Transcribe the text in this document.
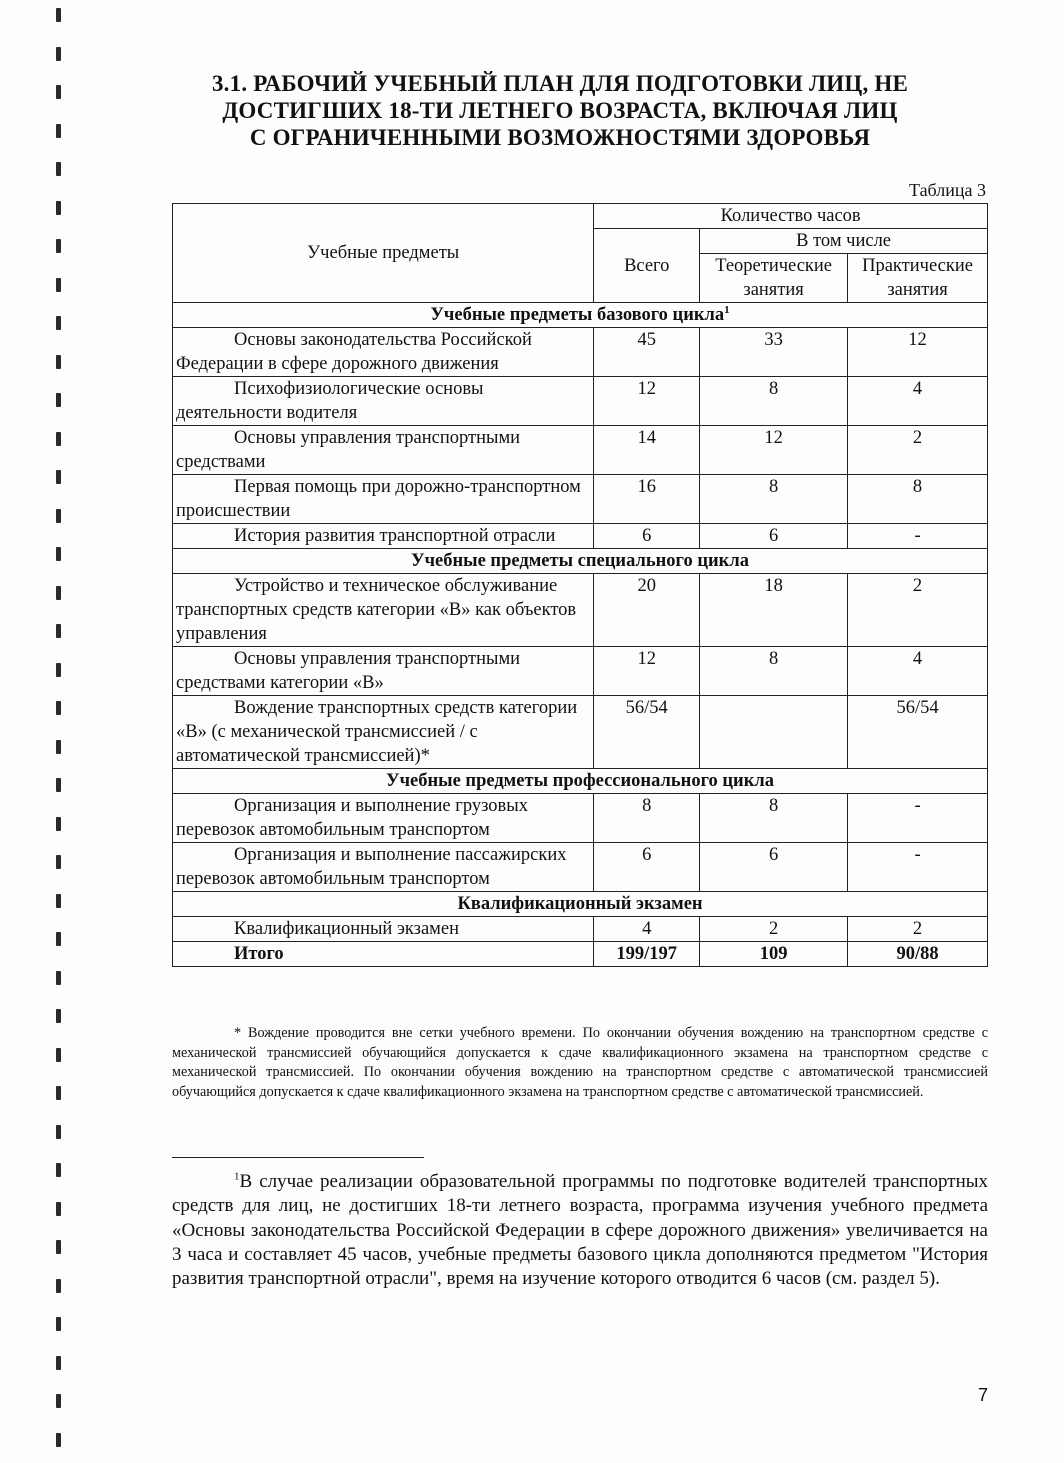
3.1. РАБОЧИЙ УЧЕБНЫЙ ПЛАН ДЛЯ ПОДГОТОВКИ ЛИЦ, НЕ
ДОСТИГШИХ 18-ТИ ЛЕТНЕГО ВОЗРАСТА, ВКЛЮЧАЯ ЛИЦ
С ОГРАНИЧЕННЫМИ ВОЗМОЖНОСТЯМИ ЗДОРОВЬЯ
Таблица 3
Учебные предметы	Количество часов		
	Всего	В том числе	
		Теоретические занятия	Практические занятия
Учебные предметы базового цикла$^1$
Основы законодательства Российской Федерации в сфере дорожного движения	45	33	12
Психофизиологические основы деятельности водителя	12	8	4
Основы управления транспортными средствами	14	12	2
Первая помощь при дорожно-транспортном происшествии	16	8	8
История развития транспортной отрасли	6	6	-
Учебные предметы специального цикла			
Устройство и техническое обслуживание транспортных средств категории «В» как объектов управления	20	18	2
Основы управления транспортными средствами категории «В»	12	8	4
Вождение транспортных средств категории «В» (с механической трансмиссией / с автоматической трансмиссией)*	56/54		56/54
Учебные предметы профессионального цикла			
Организация и выполнение грузовых перевозок автомобильным транспортом	8	8	-
Организация и выполнение пассажирских перевозок автомобильным транспортом	6	6	-
Квалификационный экзамен			
Квалификационный экзамен	4	2	2
Итого	199/197	109	90/88
* Вождение проводится вне сетки учебного времени. По окончании обучения вождению на транспортном средстве с механической трансмиссией обучающийся допускается к сдаче квалификационного экзамена на транспортном средстве с механической трансмиссией. По окончании обучения вождению на транспортном средстве с автоматической трансмиссией обучающийся допускается к сдаче квалификационного экзамена на транспортном средстве с автоматической трансмиссией.
$^1$В случае реализации образовательной программы по подготовке водителей транспортных средств для лиц, не достигших 18-ти летнего возраста, программа изучения учебного предмета «Основы законодательства Российской Федерации в сфере дорожного движения» увеличивается на 3 часа и составляет 45 часов, учебные предметы базового цикла дополняются предметом "История развития транспортной отрасли", время на изучение которого отводится 6 часов (см. раздел 5).
7
